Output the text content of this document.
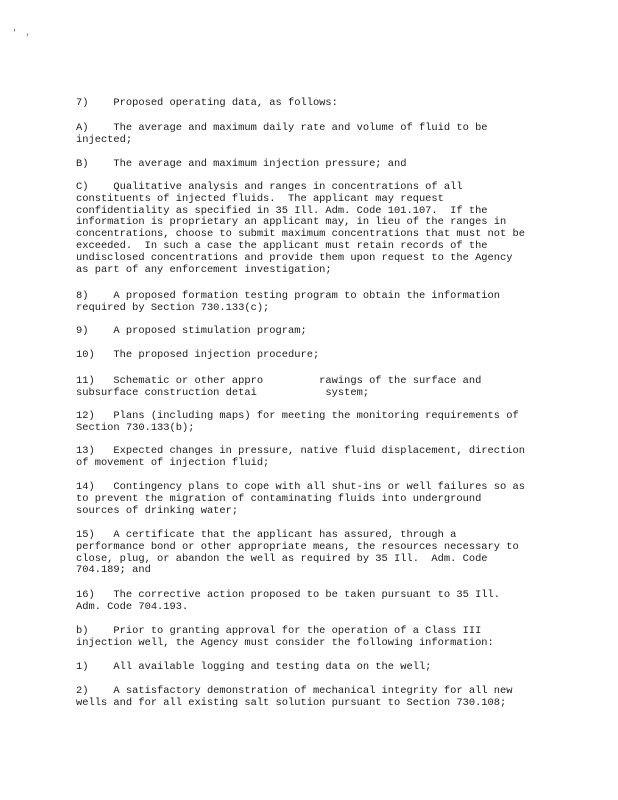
' ,
7)    Proposed operating data, as follows:
A)    The average and maximum daily rate and volume of fluid to be
injected;
B)    The average and maximum injection pressure; and
C)    Qualitative analysis and ranges in concentrations of all
constituents of injected fluids.  The applicant may request
confidentiality as specified in 35 Ill. Adm. Code 101.107.  If the
information is proprietary an applicant may, in lieu of the ranges in
concentrations, choose to submit maximum concentrations that must not be
exceeded.  In such a case the applicant must retain records of the
undisclosed concentrations and provide them upon request to the Agency
as part of any enforcement investigation;
8)    A proposed formation testing program to obtain the information
required by Section 730.133(c);
9)    A proposed stimulation program;
10)   The proposed injection procedure;
11)   Schematic or other appro         rawings of the surface and
subsurface construction detai           system;
12)   Plans (including maps) for meeting the monitoring requirements of
Section 730.133(b);
13)   Expected changes in pressure, native fluid displacement, direction
of movement of injection fluid;
14)   Contingency plans to cope with all shut-ins or well failures so as
to prevent the migration of contaminating fluids into underground
sources of drinking water;
15)   A certificate that the applicant has assured, through a
performance bond or other appropriate means, the resources necessary to
close, plug, or abandon the well as required by 35 Ill.  Adm. Code
704.189; and
16)   The corrective action proposed to be taken pursuant to 35 Ill.
Adm. Code 704.193.
b)    Prior to granting approval for the operation of a Class III
injection well, the Agency must consider the following information:
1)    All available logging and testing data on the well;
2)    A satisfactory demonstration of mechanical integrity for all new
wells and for all existing salt solution pursuant to Section 730.108;
